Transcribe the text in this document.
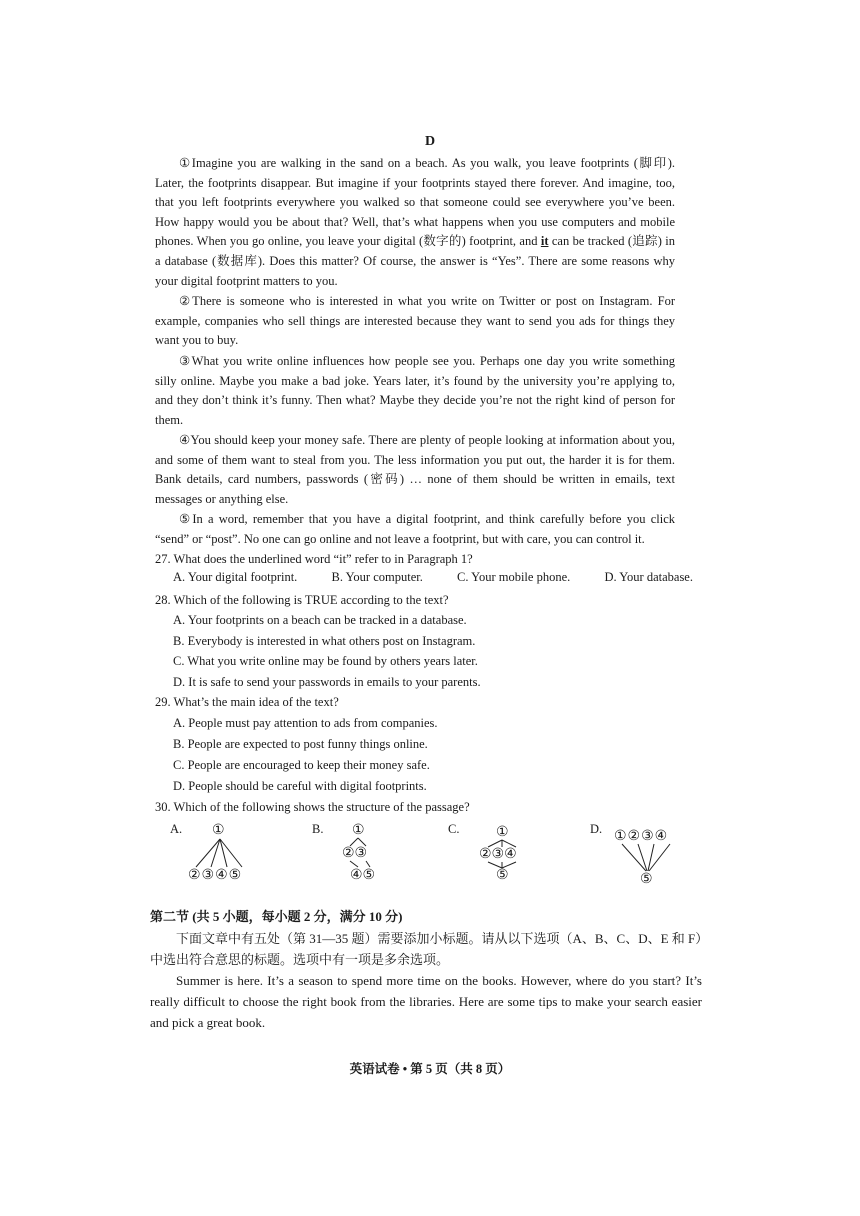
D
①Imagine you are walking in the sand on a beach. As you walk, you leave footprints (脚印). Later, the footprints disappear. But imagine if your footprints stayed there forever. And imagine, too, that you left footprints everywhere you walked so that someone could see everywhere you’ve been. How happy would you be about that? Well, that’s what happens when you use computers and mobile phones. When you go online, you leave your digital (数字的) footprint, and it can be tracked (追踪) in a database (数据库). Does this matter? Of course, the answer is “Yes”. There are some reasons why your digital footprint matters to you.
②There is someone who is interested in what you write on Twitter or post on Instagram. For example, companies who sell things are interested because they want to send you ads for things they want you to buy.
③What you write online influences how people see you. Perhaps one day you write something silly online. Maybe you make a bad joke. Years later, it’s found by the university you’re applying to, and they don’t think it’s funny. Then what? Maybe they decide you’re not the right kind of person for them.
④You should keep your money safe. There are plenty of people looking at information about you, and some of them want to steal from you. The less information you put out, the harder it is for them. Bank details, card numbers, passwords (密码) … none of them should be written in emails, text messages or anything else.
⑤In a word, remember that you have a digital footprint, and think carefully before you click “send” or “post”. No one can go online and not leave a footprint, but with care, you can control it.
27. What does the underlined word “it” refer to in Paragraph 1?
A. Your digital footprint.	B. Your computer.	C. Your mobile phone.	D. Your database.
28. Which of the following is TRUE according to the text?
A. Your footprints on a beach can be tracked in a database.
B. Everybody is interested in what others post on Instagram.
C. What you write online may be found by others years later.
D. It is safe to send your passwords in emails to your parents.
29. What’s the main idea of the text?
A. People must pay attention to ads from companies.
B. People are expected to post funny things online.
C. People are encouraged to keep their money safe.
D. People should be careful with digital footprints.
30. Which of the following shows the structure of the passage?
A. ①
②③④⑤
B. ①
②③
④⑤
C.	①
②③④
⑤
D. ①②③④
⑤
第二节 (共 5 小题，每小题 2 分，满分 10 分)
下面文章中有五处（第 31—35 题）需要添加小标题。请从以下选项（A、B、C、D、E 和 F）中选出符合意思的标题。选项中有一项是多余选项。
Summer is here. It’s a season to spend more time on the books. However, where do you start? It’s really difficult to choose the right book from the libraries. Here are some tips to make your search easier and pick a great book.
英语试卷 • 第 5 页（共 8 页）
